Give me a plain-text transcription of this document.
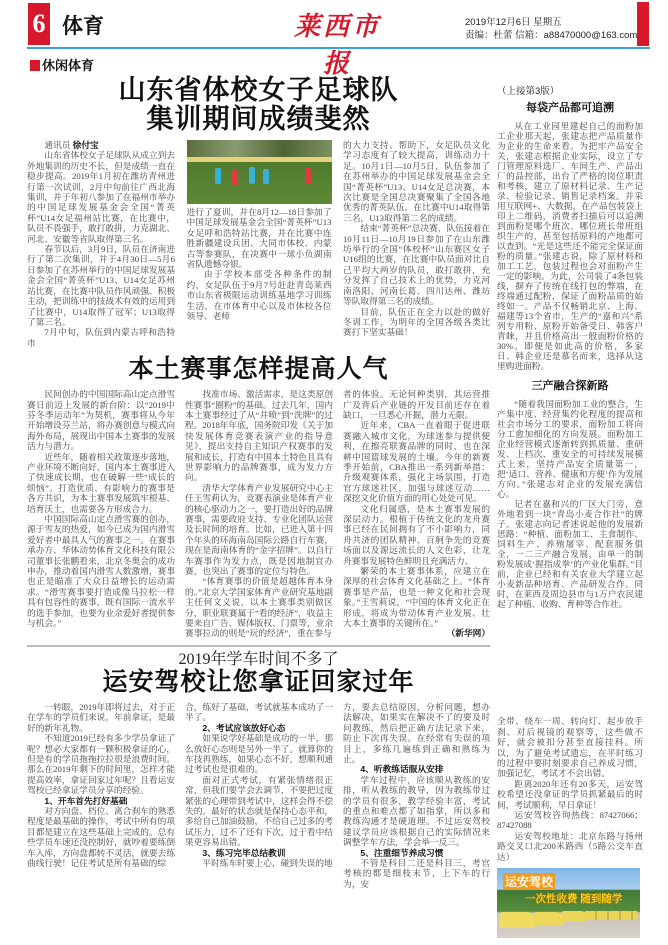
6 体育	莱西市报
2019年12月6日 星期五
责编：杜蕾 信箱：a88470000@163.com
休闲体育
山东省体校女子足球队
集训期间成绩斐然

通讯员 徐付宝

山东省体校女子足球队从成立到去外地集训的历史不长，但是成绩一直在稳步提高。2019年1月初在潍坊青州进行第一次试训，2月中旬前往广西北海集训，并于年初八参加了在福州市举办的中国足球发展基金会全国“菁英杯”U14女足福州站比赛，在比赛中，队员不畏强手，敢打敢拼，力克湖北、河北、安徽等省队取得第三名。

春节以后，3月9日，队员在济南进行了第二次集训，并于4月30日—5月6日参加了在苏州举行的中国足球发展基金会全国“菁英杯”U13、U14女足苏州站比赛，在比赛中队员作风顽强、积极主动，把训练中的技战术有效的运用到了比赛中，U14取得了冠军；U13取得了第三名。

7月中旬，队伍到内蒙古呼和浩特市

进行了夏训，并在8月12—18日参加了中国足球发展基金会全国“菁英杯”U13女足呼和浩特站比赛，并在比赛中连胜新疆建设兵团、大同市体校、内蒙古等参赛队，在决赛中一球小负湖南省队遗憾夺银。

由于学校本部受各种条件的制约，女足队伍于9月7号赶赴青岛莱西市山东省极限运动训练基地学习训练生活，在市体育中心以及市体校各位领导、老师

的大力支持、帮助下，女足队员文化学习态度有了较大提高，训练动力十足。10月1日—10月5日，队伍参加了在苏州举办的中国足球发展基金会全国“菁英杯”U13、U14女足总决赛，本次比赛是全国总决赛聚集了全国各地优秀的菁英队伍，在比赛中U14取得第三名，U13取得第二名的成绩。

结束“菁英杯”总决赛，队伍接着在10月11日—10月19日参加了在山东潍坊举行的全国“体校杯”山东赛区女子U16组的比赛，在比赛中队员面对比自己平均大两岁的队员，敢打敢拼，充分发挥了自己技术上的优势，力克河南洛阳、河南长葛、四川达州、潍坊等队取得第三名的成绩。

目前，队伍正在全力以赴的做好冬训工作，为明年的全国各级各类比赛打下坚实基础！

本土赛事怎样提高人气

民间创办的中国国际高山定点滑雪赛日前迈上发展的新台阶：以“2019中芬冬季运动年”为契机，赛事将从今年开始增设芬兰站，将办赛创意与模式向海外布局，展现出中国本土赛事的发展活力与潜力。

近些年，随着相关政策逐步落地，产业环境不断向好，国内本土赛事进入了快速成长期，也在破解一些“成长的烦恼”。打造优质、有影响力的赛事是各方共识，为本土赛事发展筑牢根基、培育沃土，也需要各方形成合力。

中国国际高山定点滑雪赛的创办，源于雪友的热爱，如今已成为国内滑雪爱好者中最具人气的赛事之一。在赛事承办方、华体动势体育文化科技有限公司董事长张鹏看来，北京冬奥会的成功申办，推动着国内滑雪人数激增，赛事也正是瞄准了大众日益增长的运动需求。“滑雪赛事要打造成像马拉松一样具有包容性的赛事，既有国际一流水平的选手参加，也要为业余爱好者提供参与机会。”

找准市场、激活需求，是这类原创性赛事“圈粉”的基础。过去几年，国内本土赛事经过了从“井喷”到“洗牌”的过程。2018年年底，国务院印发《关于加快发展体育竞赛表演产业的指导意见》，提出支持自主知识产权赛事的发展和成长，打造有中国本土特色且具有世界影响力的品牌赛事，成为发力方向。

清华大学体育产业发展研究中心主任王雪莉认为，竞赛表演业是体育产业的核心驱动力之一，要打造出好的品牌赛事，需要政府支持、专业化团队运营及长时间的培育。比如，已进入第十四个年头的环海南岛国际公路自行车赛，现在是海南体育的“金字招牌”。以自行车赛事作为发力点，既是因地制宜办赛，也突出了赛事的定位与特色。

“体育赛事的价值是超越体育本身的。”北京大学国家体育产业研究基地副主任何文义说，以本土赛事类别做区分，职业联赛属于“看的经济”，收益主要来自广告、媒体版权、门票等，业余赛事拉动的则是“玩的经济”，重在参与

者的体验。无论何种类别，其运营推广及背后产业链的开发目前还存在着缺口，一旦悉心开掘，潜力无限。

近年来，CBA一直着眼于促进联赛融入城市文化，为球迷参与提供便利，在擦亮联赛品牌的同时，也在深耕中国篮球发展的土壤。今年的新赛季开始前，CBA推出一系列新举措：升级观赛体系，强化主场氛围，打造官方球迷社区，加强与球迷互动……深挖文化价值方面的用心处处可见。

文化归属感，是本土赛事发展的深层动力。根植于传统文化的龙舟赛事已经在民间拥有了不小影响力，同舟共济的团队精神、百舸争先的竞赛场面以及源远流长的人文色彩，让龙舟赛事发展特色鲜明且充满活力。

繁荣的本土赛事体系，应建立在深厚的社会体育文化基础之上。“体育赛事是产品，也是一种文化和社会现象。”王雪莉说，“中国的体育文化正在形成，将成为带动体育产业发展、壮大本土赛事的关键所在。”

（新华网）

2019年学车时间不多了
运安驾校让您拿证回家过年

一转眼，2019年即将过去，对于正在学车的学员们来说，年前拿证，是最好的新年礼物。

不知道2019已经有多少学员拿证了呢？想必大家都有一颗积极拿证的心，但是有的学员拖拖拉拉很是浪费时间。那么在2019年剩下的时间里，怎样才能提高效率，拿证回家过年呢？且看运安驾校已经拿证学员分享的经验。

1、开车首先打好基础

对方向盘、档位、离合刹车的熟悉程度是最基础的操作，考试中所有的项目都是建立在这些基础上完成的。总有些学员车速还没控制好，就吵着要练倒车入库，方向盘都转不灵活，就要去练曲线行驶！记住考试是所有基础的综

合，练好了基础，考试就基本成功了一半了。

2、考试应该放好心态

如果说学好基础是成功的一半，那么放好心态则是另外一半了。就算你的车技再熟练，如果心态不好，想顺利通过考试也是很难的。

面对正式考试，有紧张情绪很正常，但我们要学会去调节，不要把过度紧张的心理带到考试中，这样会得不偿失的。最好的状态就是保持心态平和，多给自己加油鼓励，不给自己过多的考试压力，过不了还有下次，过于看中结果更容易出错。

3、练习完毕总结教训

平时练车时要上心，碰到失误的地

方，要去总结原因，分析问题，想办法解决，如果实在解决不了的要及时问教练，然后把正确方法记录下来，防止下次再失误。在经常有失误的项目上，多练几遍练到正确和熟练为止。

4、听教练话服从安排

学车过程中，应该顺从教练的安排，听从教练的教导，因为教练带过的学员有很多，教学经验丰富，考试的重点和难点都了如指掌，所以多和教练沟通才是硬道理。不过运安驾校建议学员应该根据自己的实际情况来调整学车方法，学会举一反三。

5、注重细节养成习惯

不管是科目二还是科目三，考官考核的都是细枝末节，上下车的行为，安

（上接第3版）
每袋产品都可追溯

从在工业园里建起自己的面粉加工企业那天起，张建志把产品质量作为企业的生命来看。为把牢产品安全关，张建志根据企业实际，设立了专门管理原料选厂、车间生产、产品出厂的品控部，出台了严格的岗位职责和考核，建立了原材料记录、生产记录、检验记录、销售记录档案。并采用互联网+、大数据，在产品包装袋上印上二维码，消费者扫描后可以追溯到面粉是哪个班次、哪位班长带班组织生产的，甚至包括原料的产地都可以查到。“光是这些还不能完全保证面粉的质量。”张建志说，除了原材料和加工工艺，包装过程也会对面粉产生一定的影响。为此，公司装了4条包装线，摒弃了传统在线打包的弊端，在终端通过配粉，保证了面粉品质的始终如一。产品不仅畅销北京、上海、福建等13个省市，生产的“嘉和兴”系列专用粉、原粉开始备受日、韩客户青睐，并且价格高出一般面粉价格的30%。即便是如此高的价格，多家日、韩企业还是慕名而来，选择从这里购进面粉。

三产融合探新路

“随着我国面粉加工业的整合，生产集中度、经营集约化程度的提高和社会市场分工的要求，面粉加工将向分工愈加细化的方向发展。面粉加工企业经营模式逐渐转到抓质量、重研发、上档次、重安全的可持续发展模式上来，坚持产品安全质量第一，把‘适口、营养、健康和方便’作为发展方向。”张建志对企业的发展充满信心。

记者在嘉和兴的厂区大门旁，意外地看到一块“青岛小麦合作社”的牌子。张建志向记者述说起他的发展新思路：“种植、面粉加工、主食制作、饲料生产、养殖屠宰、配套服务俱全，一二三产融合发展，由单一的制粉发展成‘握指成拳’的产业化集群。”目前，企业已经和有关农业大学建立起小麦新品种培育、产品研发合作。同时，在莱西及周边县市与1万户农民建起了种植、收购、育种等合作社。

全带、绕车一周、转向灯、起步放手刹、对后视镜的观察等，这些做不好，就会被扣分甚至直接挂科。所以，为了避免考试遗忘，在平时练习的过程中要时刻要求自己养成习惯，加强记忆，考试才不会出错。

距离2020年还有20多天，运安驾校希望还没拿证的学员抓紧最后的时间，考试顺利，早日拿证！

运安驾校咨询热线：87427066；87427088

运安驾校地址：北京东路与扬州路交叉口北200米路西（5路公交车直达）

运安驾校
一次性收费 随到随学
